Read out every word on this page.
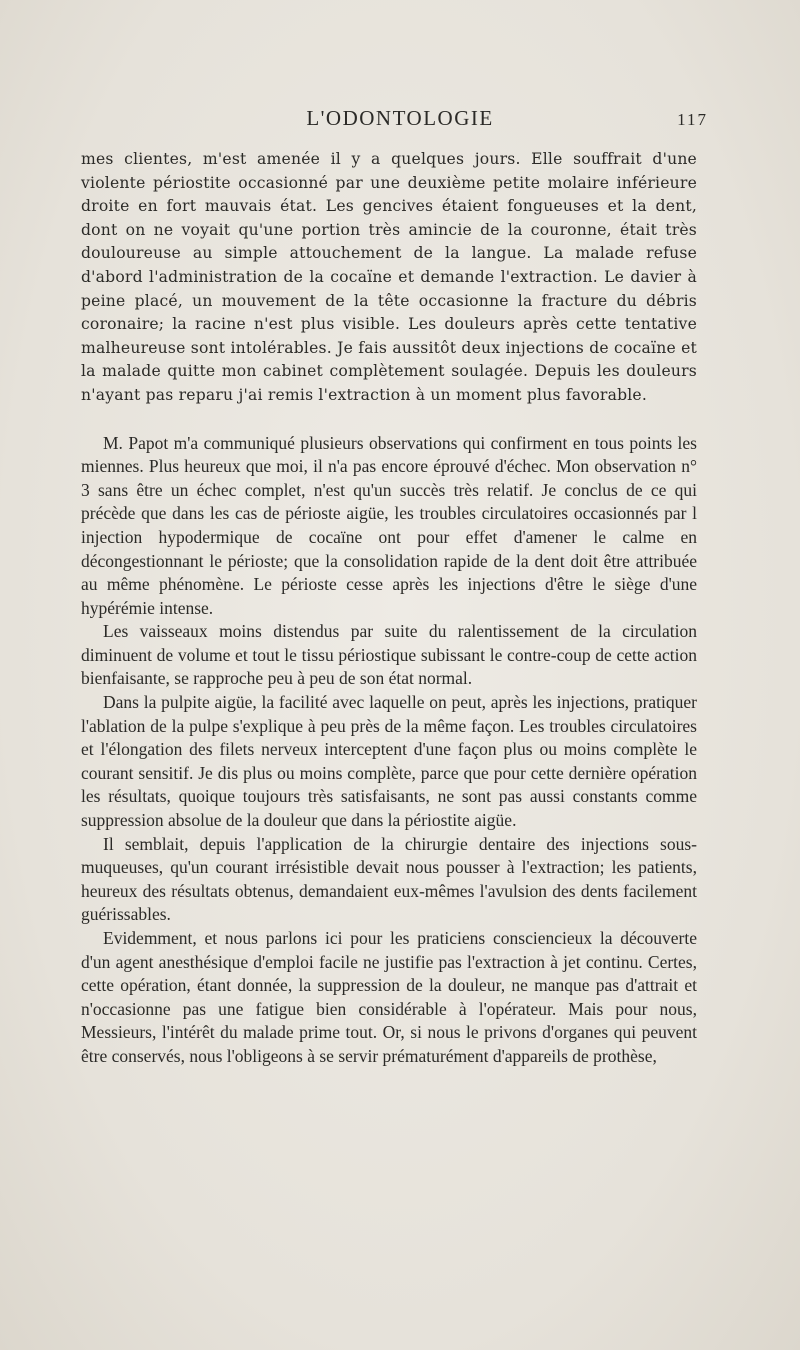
L'ODONTOLOGIE	117

mes clientes, m'est amenée il y a quelques jours. Elle souffrait d'une violente périostite occasionné par une deuxième petite molaire inférieure droite en fort mauvais état. Les gencives étaient fongueuses et la dent, dont on ne voyait qu'une portion très amincie de la couronne, était très douloureuse au simple attouchement de la langue. La malade refuse d'abord l'administration de la cocaïne et demande l'extraction. Le davier à peine placé, un mouvement de la tête occasionne la fracture du débris coronaire; la racine n'est plus visible. Les douleurs après cette tentative malheureuse sont intolérables. Je fais aussitôt deux injections de cocaïne et la malade quitte mon cabinet complètement soulagée. Depuis les douleurs n'ayant pas reparu j'ai remis l'extraction à un moment plus favorable.

M. Papot m'a communiqué plusieurs observations qui confirment en tous points les miennes. Plus heureux que moi, il n'a pas encore éprouvé d'échec. Mon observation n° 3 sans être un échec complet, n'est qu'un succès très relatif. Je conclus de ce qui précède que dans les cas de périoste aigüe, les troubles circulatoires occasionnés par l injection hypodermique de cocaïne ont pour effet d'amener le calme en décongestionnant le périoste; que la consolidation rapide de la dent doit être attribuée au même phénomène. Le périoste cesse après les injections d'être le siège d'une hypérémie intense.

Les vaisseaux moins distendus par suite du ralentissement de la circulation diminuent de volume et tout le tissu périostique subissant le contre-coup de cette action bienfaisante, se rapproche peu à peu de son état normal.

Dans la pulpite aigüe, la facilité avec laquelle on peut, après les injections, pratiquer l'ablation de la pulpe s'explique à peu près de la même façon. Les troubles circulatoires et l'élongation des filets nerveux interceptent d'une façon plus ou moins complète le courant sensitif. Je dis plus ou moins complète, parce que pour cette dernière opération les résultats, quoique toujours très satisfaisants, ne sont pas aussi constants comme suppression absolue de la douleur que dans la périostite aigüe.

Il semblait, depuis l'application de la chirurgie dentaire des injections sous-muqueuses, qu'un courant irrésistible devait nous pousser à l'extraction; les patients, heureux des résultats obtenus, demandaient eux-mêmes l'avulsion des dents facilement guérissables.

Evidemment, et nous parlons ici pour les praticiens consciencieux la découverte d'un agent anesthésique d'emploi facile ne justifie pas l'extraction à jet continu. Certes, cette opération, étant donnée, la suppression de la douleur, ne manque pas d'attrait et n'occasionne pas une fatigue bien considérable à l'opérateur. Mais pour nous, Messieurs, l'intérêt du malade prime tout. Or, si nous le privons d'organes qui peuvent être conservés, nous l'obligeons à se servir prématurément d'appareils de prothèse,
